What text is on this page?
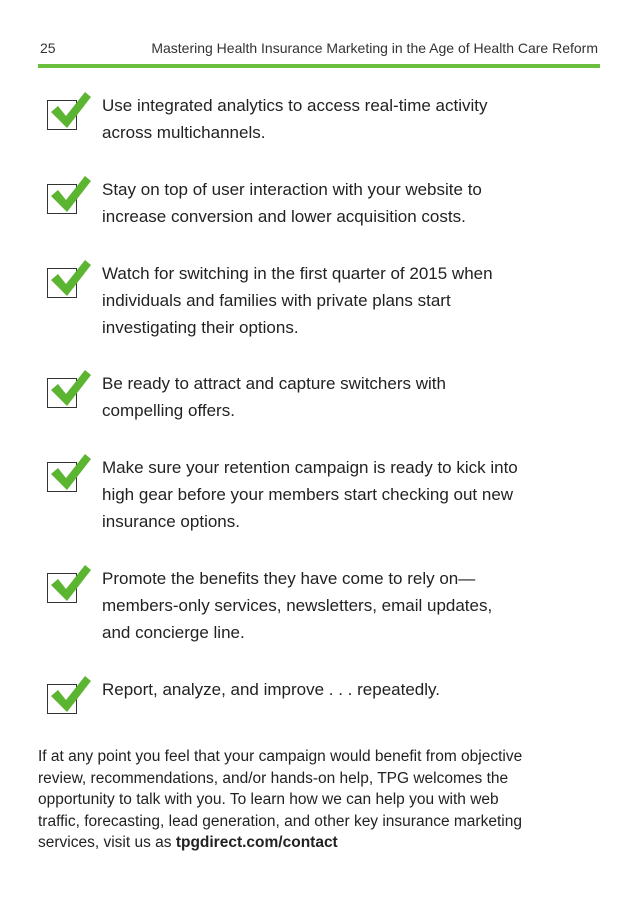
25	Mastering Health Insurance Marketing in the Age of Health Care Reform
Use integrated analytics to access real-time activity
across multichannels.
Stay on top of user interaction with your website to
increase conversion and lower acquisition costs.
Watch for switching in the first quarter of 2015 when
individuals and families with private plans start
investigating their options.
Be ready to attract and capture switchers with
compelling offers.
Make sure your retention campaign is ready to kick into
high gear before your members start checking out new
insurance options.
Promote the benefits they have come to rely on—
members-only services, newsletters, email updates,
and concierge line.
Report, analyze, and improve . . . repeatedly.
If at any point you feel that your campaign would benefit from objective
review, recommendations, and/or hands-on help, TPG welcomes the
opportunity to talk with you. To learn how we can help you with web
traffic, forecasting, lead generation, and other key insurance marketing
services, visit us as tpgdirect.com/contact
